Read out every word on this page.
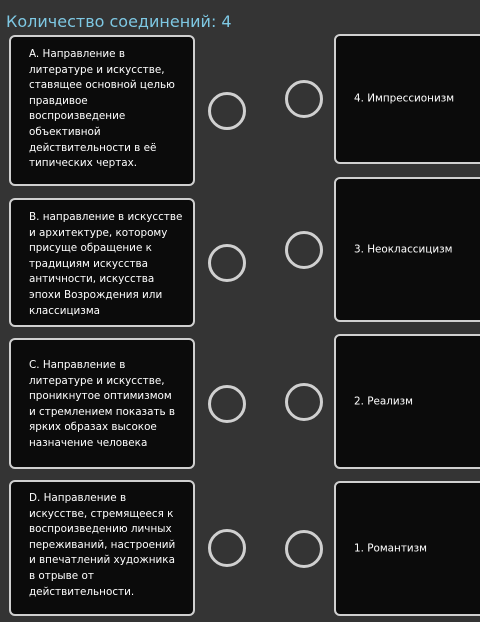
Количество соединений: 4
A. Направление в
литературе и искусстве,
ставящее основной целью
правдивое
воспроизведение
объективной
действительности в её
типических чертах.
4. Импрессионизм
B. направление в искусстве
и архитектуре, которому
присуще обращение к
традициям искусства
античности, искусства
эпохи Возрождения или
классицизма
3. Неоклассицизм
C. Направление в
литературе и искусстве,
проникнутое оптимизмом
и стремлением показать в
ярких образах высокое
назначение человека
2. Реализм
D. Направление в
искусстве, стремящееся к
воспроизведению личных
переживаний, настроений
и впечатлений художника
в отрыве от
действительности.
1. Романтизм
